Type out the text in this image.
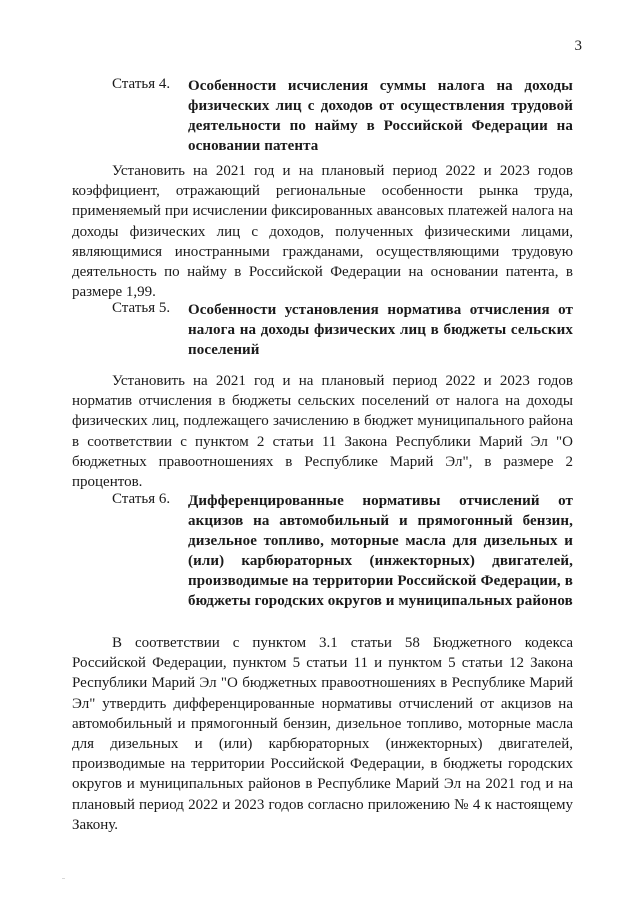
3
Статья 4. Особенности исчисления суммы налога на доходы физических лиц с доходов от осуществления трудовой деятельности по найму в Российской Федерации на основании патента

Установить на 2021 год и на плановый период 2022 и 2023 годов коэффициент, отражающий региональные особенности рынка труда, применяемый при исчислении фиксированных авансовых платежей налога на доходы физических лиц с доходов, полученных физическими лицами, являющимися иностранными гражданами, осуществляющими трудовую деятельность по найму в Российской Федерации на основании патента, в размере 1,99.

Статья 5. Особенности установления норматива отчисления от налога на доходы физических лиц в бюджеты сельских поселений

Установить на 2021 год и на плановый период 2022 и 2023 годов норматив отчисления в бюджеты сельских поселений от налога на доходы физических лиц, подлежащего зачислению в бюджет муниципального района в соответствии с пунктом 2 статьи 11 Закона Республики Марий Эл "О бюджетных правоотношениях в Республике Марий Эл", в размере 2 процентов.

Статья 6. Дифференцированные нормативы отчислений от акцизов на автомобильный и прямогонный бензин, дизельное топливо, моторные масла для дизельных и (или) карбюраторных (инжекторных) двигателей, производимые на территории Российской Федерации, в бюджеты городских округов и муниципальных районов

В соответствии с пунктом 3.1 статьи 58 Бюджетного кодекса Российской Федерации, пунктом 5 статьи 11 и пунктом 5 статьи 12 Закона Республики Марий Эл "О бюджетных правоотношениях в Республике Марий Эл" утвердить дифференцированные нормативы отчислений от акцизов на автомобильный и прямогонный бензин, дизельное топливо, моторные масла для дизельных и (или) карбюраторных (инжекторных) двигателей, производимые на территории Российской Федерации, в бюджеты городских округов и муниципальных районов в Республике Марий Эл на 2021 год и на плановый период 2022 и 2023 годов согласно приложению № 4 к настоящему Закону.
